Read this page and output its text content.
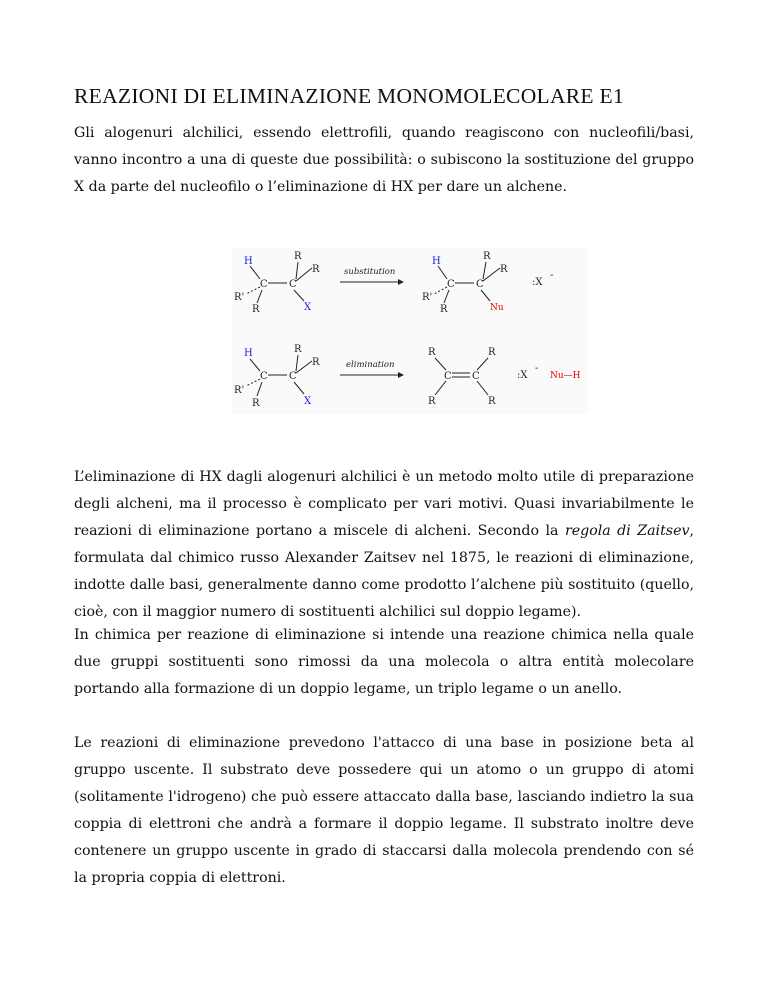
REAZIONI DI ELIMINAZIONE MONOMOLECOLARE E1

Gli alogenuri alchilici, essendo elettrofili, quando reagiscono con nucleofili/basi, vanno incontro a una di queste due possibilità: o subiscono la sostituzione del gruppo X da parte del nucleofilo o l’eliminazione di HX per dare un alchene.

H	R
R
C C
R'
R	X
substitution
H	R
R
C C
R'
R	Nu
:X
-
H	R
R
C C
R'
R	X
elimination
R	R
C C
R	R
:X
-
Nu—H

L’eliminazione di HX dagli alogenuri alchilici è un metodo molto utile di preparazione degli alcheni, ma il processo è complicato per vari motivi. Quasi invariabilmente le reazioni di eliminazione portano a miscele di alcheni. Secondo la regola di Zaitsev, formulata dal chimico russo Alexander Zaitsev nel 1875, le reazioni di eliminazione, indotte dalle basi, generalmente danno come prodotto l’alchene più sostituito (quello, cioè, con il maggior numero di sostituenti alchilici sul doppio legame).

In chimica per reazione di eliminazione si intende una reazione chimica nella quale due gruppi sostituenti sono rimossi da una molecola o altra entità molecolare portando alla formazione di un doppio legame, un triplo legame o un anello.

Le reazioni di eliminazione prevedono l'attacco di una base in posizione beta al gruppo uscente. Il substrato deve possedere qui un atomo o un gruppo di atomi (solitamente l'idrogeno) che può essere attaccato dalla base, lasciando indietro la sua coppia di elettroni che andrà a formare il doppio legame. Il substrato inoltre deve contenere un gruppo uscente in grado di staccarsi dalla molecola prendendo con sé la propria coppia di elettroni.
